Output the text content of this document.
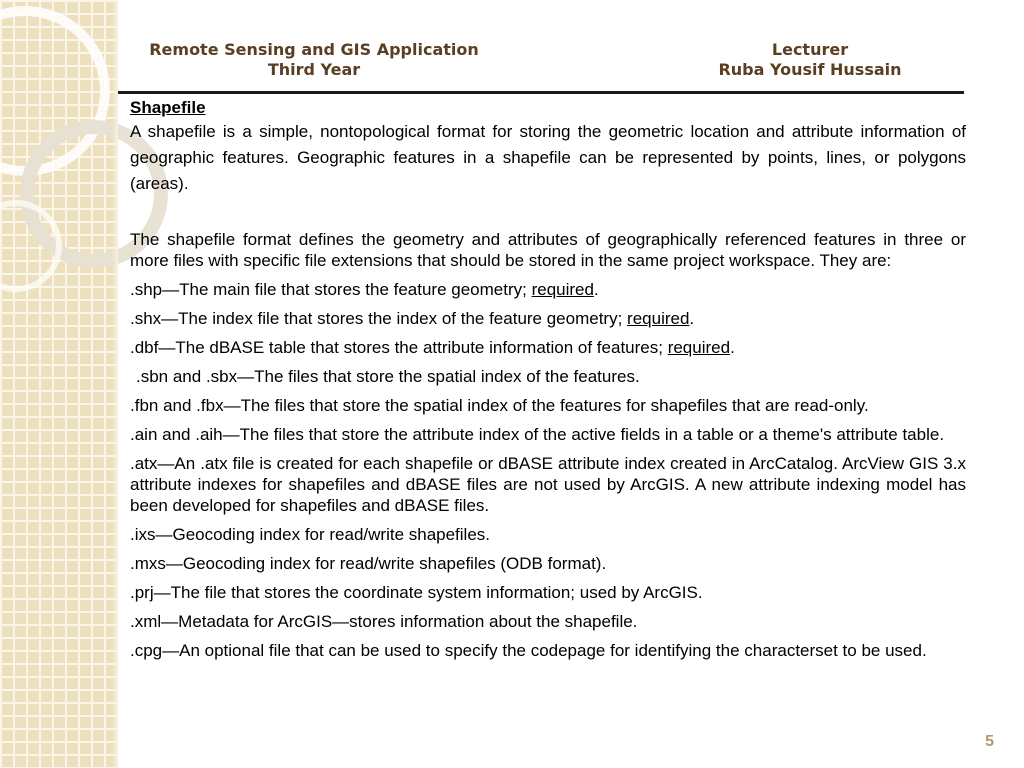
Remote Sensing and GIS Application
Third Year
Lecturer
Ruba Yousif Hussain
Shapefile

A shapefile is a simple, nontopological format for storing the geometric location and attribute information of geographic features. Geographic features in a shapefile can be represented by points, lines, or polygons (areas).

The shapefile format defines the geometry and attributes of geographically referenced features in three or more files with specific file extensions that should be stored in the same project workspace. They are:

.shp—The main file that stores the feature geometry; required.
.shx—The index file that stores the index of the feature geometry; required.
.dbf—The dBASE table that stores the attribute information of features; required.
.sbn and .sbx—The files that store the spatial index of the features.
.fbn and .fbx—The files that store the spatial index of the features for shapefiles that are read-only.
.ain and .aih—The files that store the attribute index of the active fields in a table or a theme's attribute table.
.atx—An .atx file is created for each shapefile or dBASE attribute index created in ArcCatalog. ArcView GIS 3.x attribute indexes for shapefiles and dBASE files are not used by ArcGIS. A new attribute indexing model has been developed for shapefiles and dBASE files.
.ixs—Geocoding index for read/write shapefiles.
.mxs—Geocoding index for read/write shapefiles (ODB format).
.prj—The file that stores the coordinate system information; used by ArcGIS.
.xml—Metadata for ArcGIS—stores information about the shapefile.
.cpg—An optional file that can be used to specify the codepage for identifying the characterset to be used.
5
